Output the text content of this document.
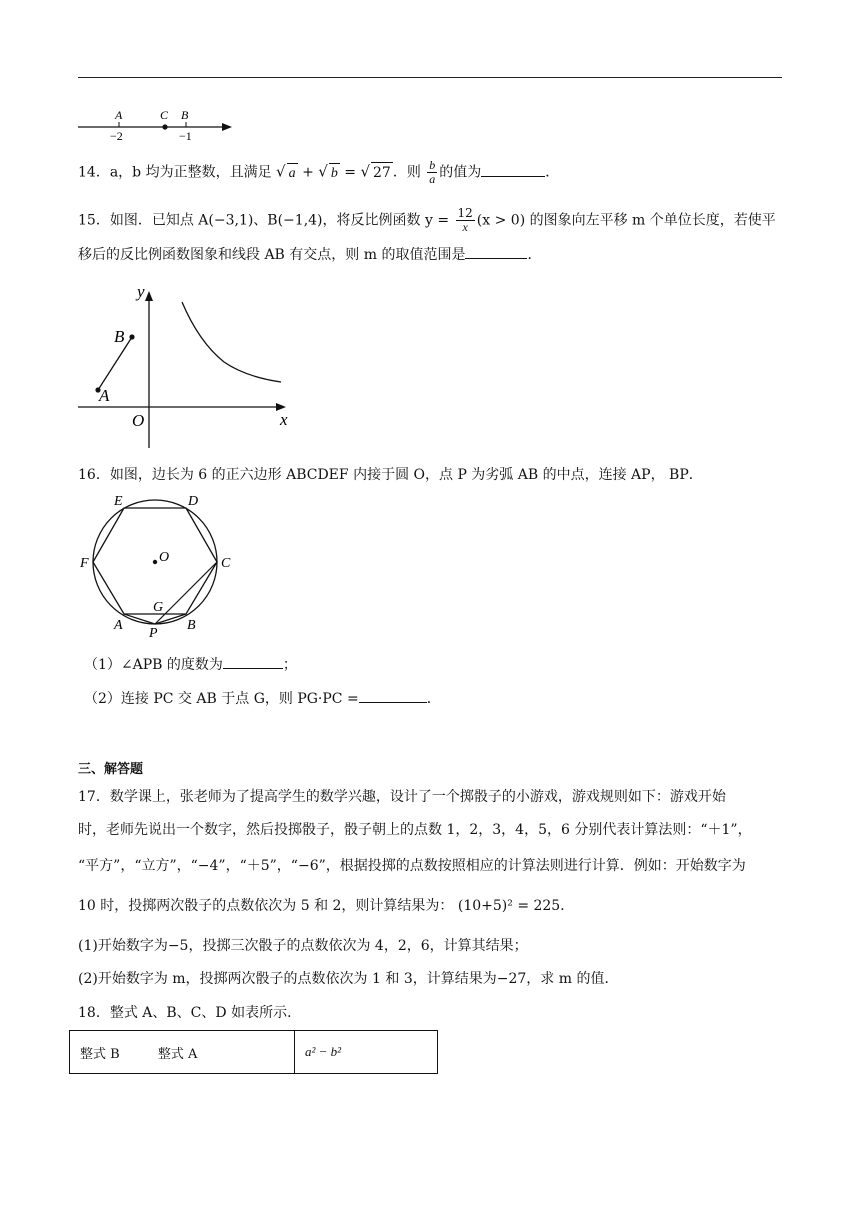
A	C B
−2	−1
14．a，b 均为正整数，且满足 √ a + √ b = √ 27 ．则 $\frac{b}{a}$ 的值为	．
15．如图．已知点 A(−3,1)、B(−1,4)，将反比例函数 $y = \frac{12}{x} (x > 0)$ 的图象向左平移 m 个单位长度，若使平
移后的反比例函数图象和线段 AB 有交点，则 m 的取值范围是	．
y
x
O
A
B
16．如图，边长为 6 的正六边形 ABCDEF 内接于圆 O，点 P 为劣弧 AB 的中点，连接 AP， BP．
O
E	D
F	C
G
A
P
B
（1）∠APB 的度数为	；
（2）连接 PC 交 AB 于点 G，则 PG·PC =	．
三、解答题
17．数学课上，张老师为了提高学生的数学兴趣，设计了一个掷骰子的小游戏，游戏规则如下：游戏开始
时，老师先说出一个数字，然后投掷骰子，骰子朝上的点数 1，2，3，4，5，6 分别代表计算法则：“＋1”，
“平方”，“立方”，“−4”，“＋5”，“−6”，根据投掷的点数按照相应的计算法则进行计算．例如：开始数字为
10 时，投掷两次骰子的点数依次为 5 和 2，则计算结果为： (10+5)² = 225．
(1)开始数字为−5，投掷三次骰子的点数依次为 4，2，6，计算其结果；
(2)开始数字为 m，投掷两次骰子的点数依次为 1 和 3，计算结果为−27，求 m 的值．
18．整式 A、B、C、D 如表所示．
整式 B	整式 A	a² − b²
